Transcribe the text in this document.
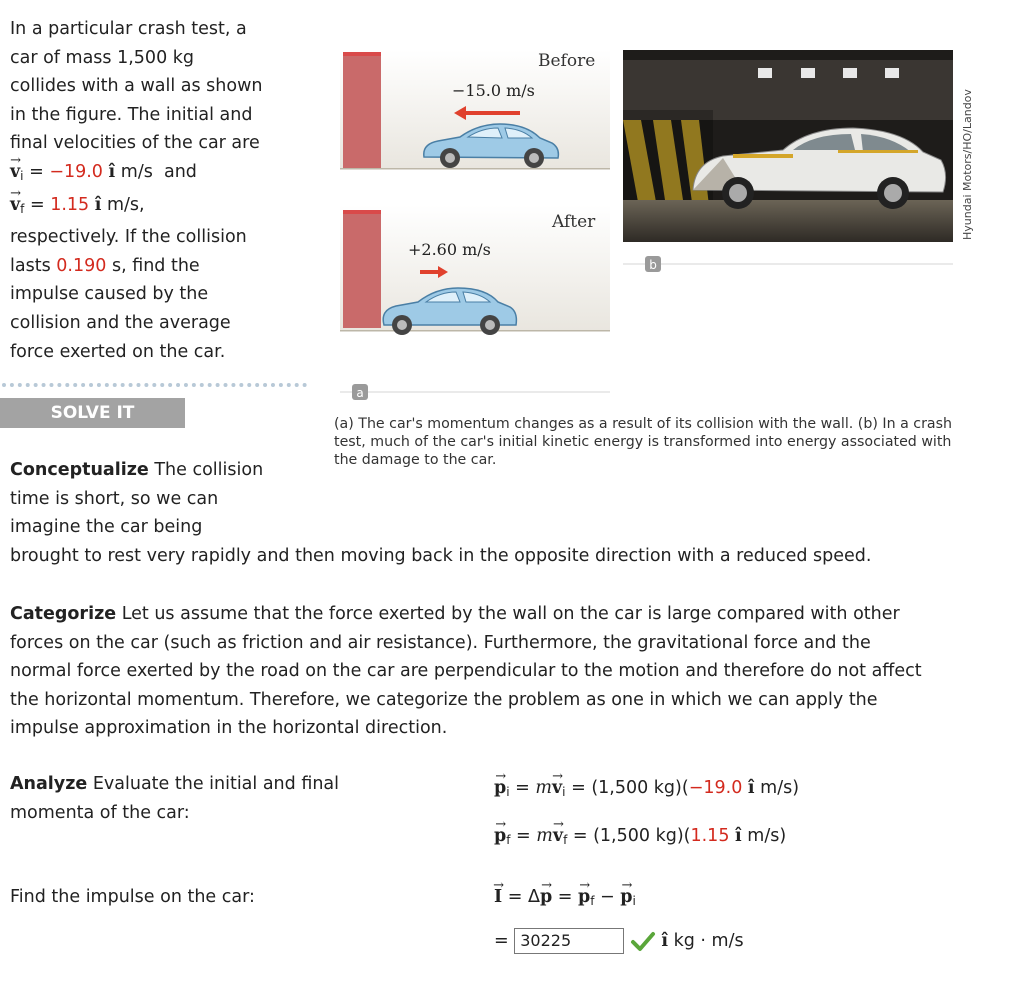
In a particular crash test, a
car of mass 1,500 kg
collides with a wall as shown
in the figure. The initial and
final velocities of the car are
$v \to_i = -19.0$ î m/s and
$v \to_f = 1.15$ î m/s,
respectively. If the collision
lasts 0.190 s, find the
impulse caused by the
collision and the average
force exerted on the car.
Before
−15.0 m/s
After
+2.60 m/s
a
Hyundai Motors/HO/Landov
b
SOLVE IT
(a) The car's momentum changes as a result of its collision with the wall. (b) In a crash test, much of the car's initial kinetic energy is transformed into energy associated with the damage to the car.
Conceptualize The collision
time is short, so we can
imagine the car being
brought to rest very rapidly and then moving back in the opposite direction with a reduced speed.
Categorize Let us assume that the force exerted by the wall on the car is large compared with other
forces on the car (such as friction and air resistance). Furthermore, the gravitational force and the
normal force exerted by the road on the car are perpendicular to the motion and therefore do not affect
the horizontal momentum. Therefore, we categorize the problem as one in which we can apply the
impulse approximation in the horizontal direction.
Analyze Evaluate the initial and final
momenta of the car:
$p \to_i$ = mv $\to_i = (1,500$ kg)(−19.0 î m/s)
$p \to_f$ = mv $\to_f = (1,500$ kg)(1.15 î m/s)
Find the impulse on the car:	I → = Δp → = $p \to_f - p \to_i$
= 30225	î kg · m/s
